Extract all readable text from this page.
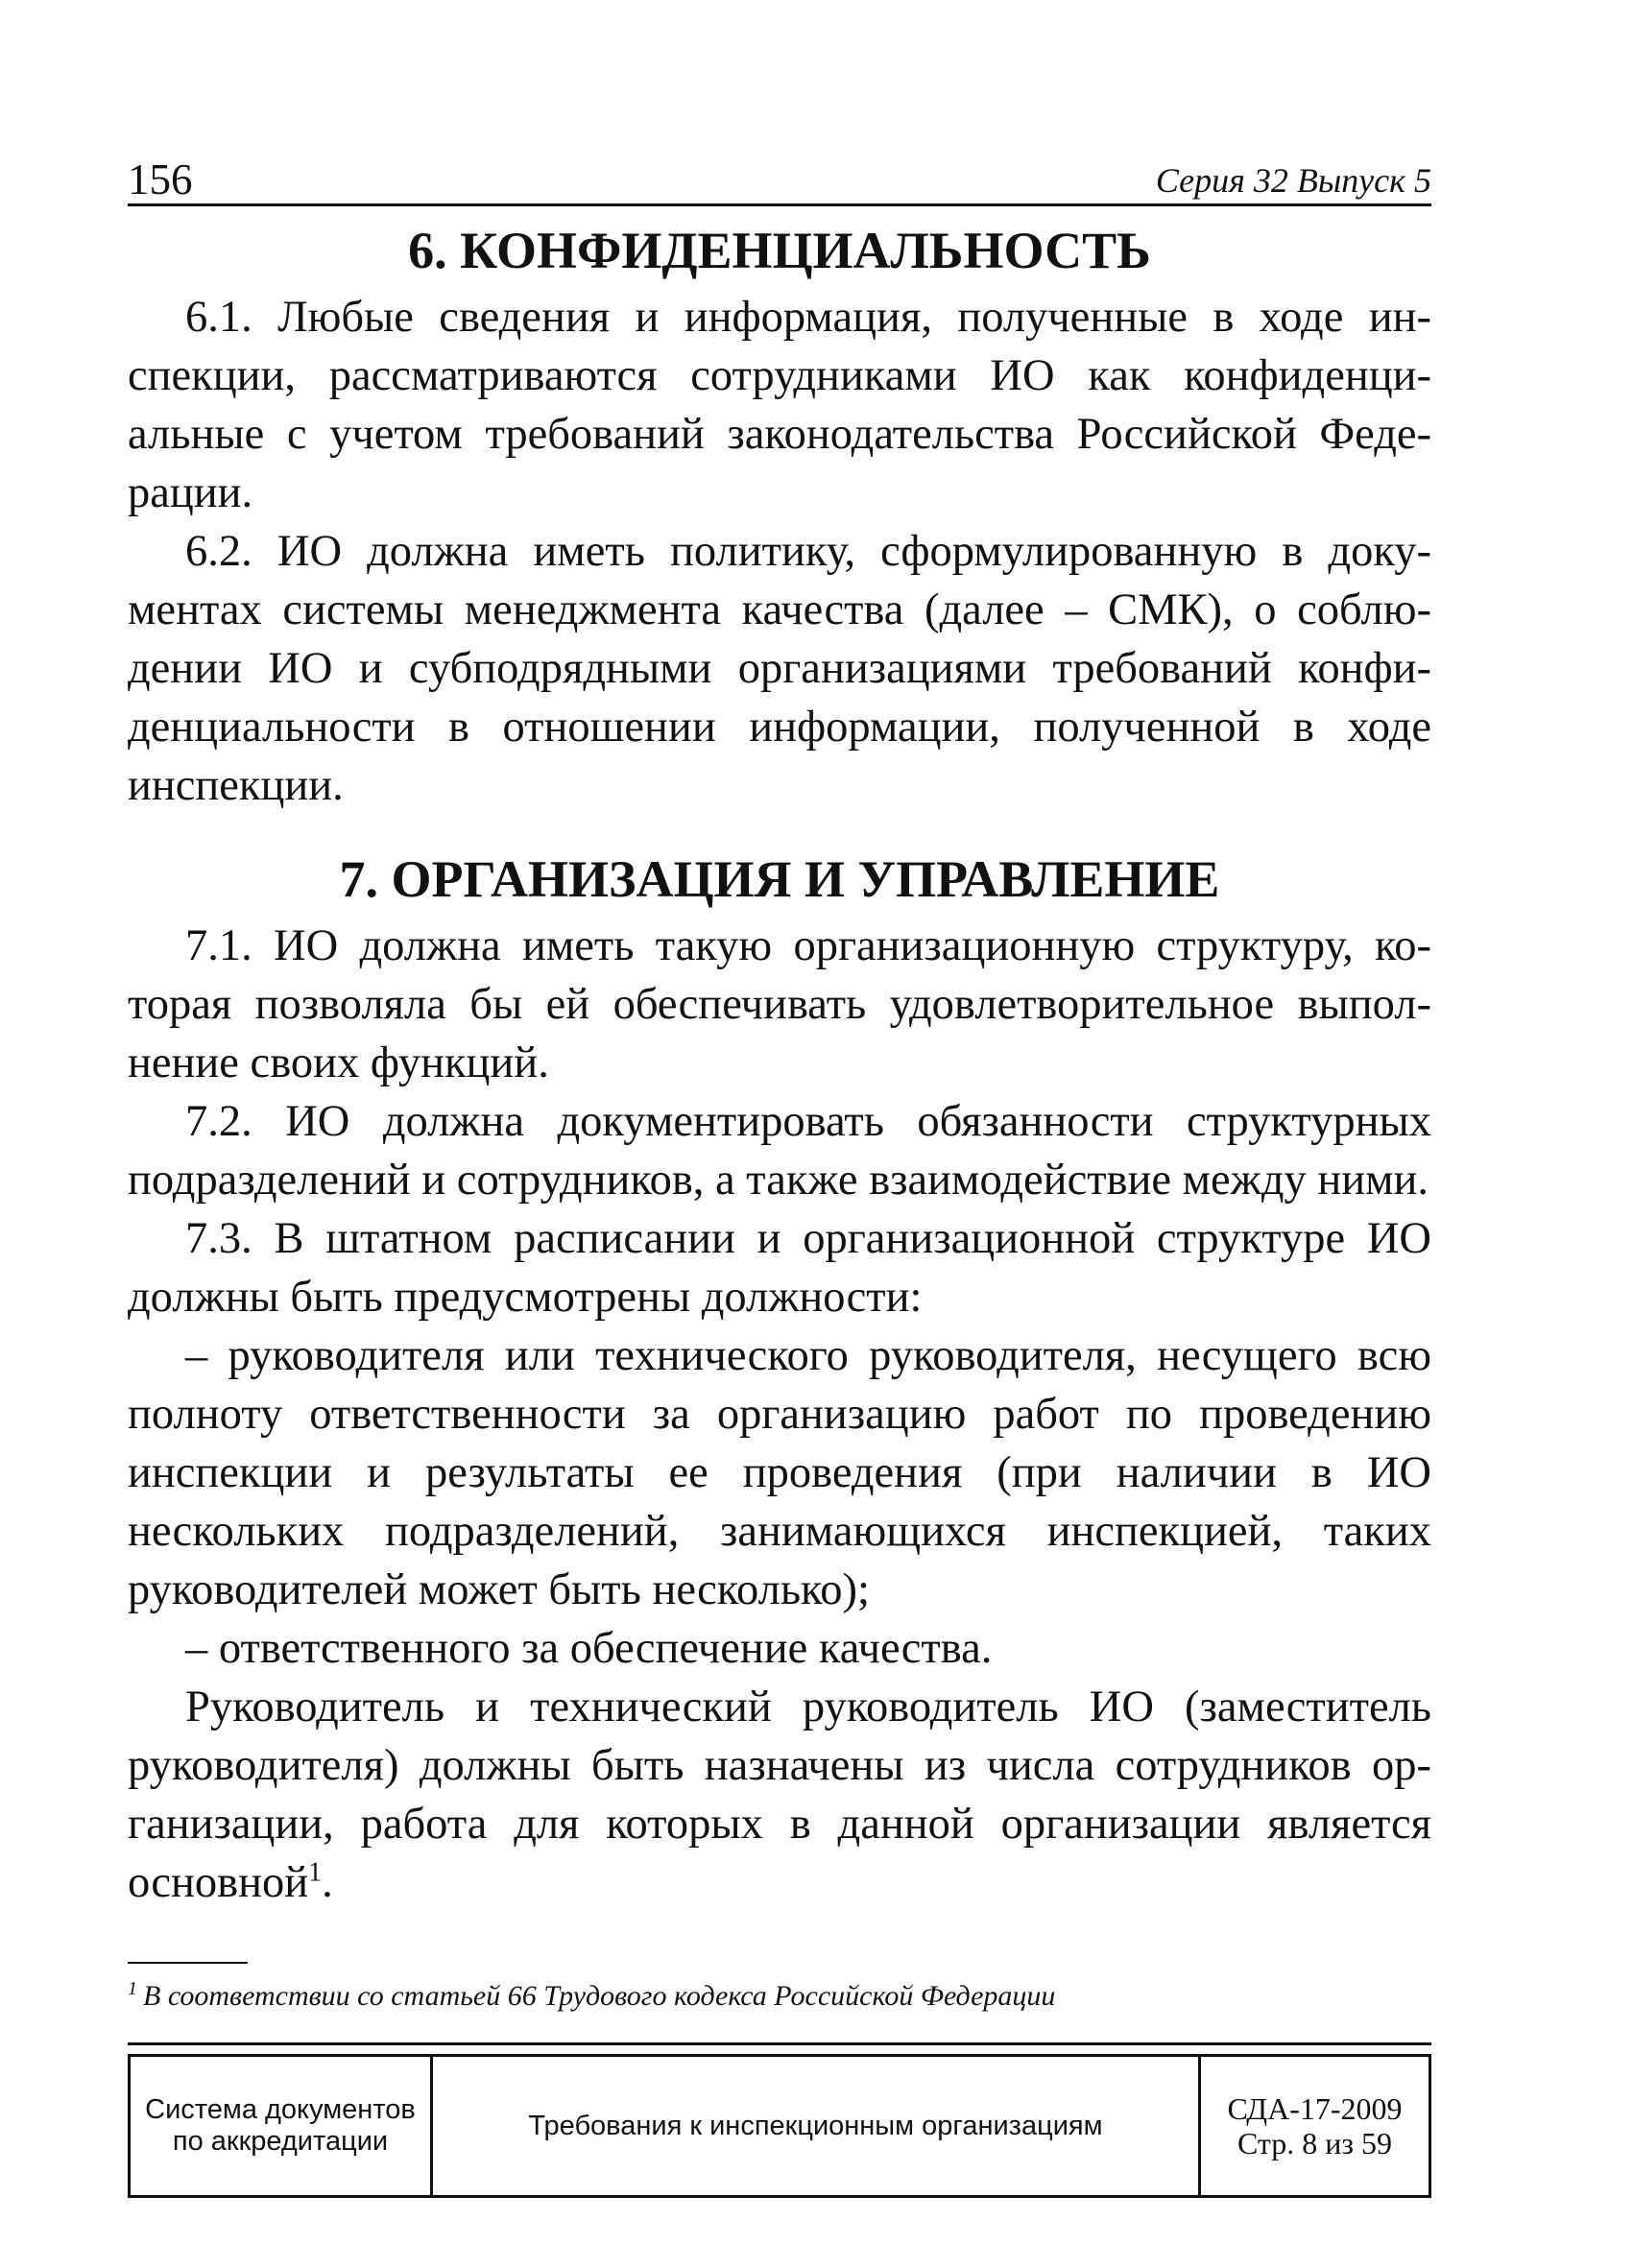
156	Серия 32 Выпуск 5
6. КОНФИДЕНЦИАЛЬНОСТЬ

6.1. Любые сведения и информация, полученные в ходе инспекции, рассматриваются сотрудниками ИО как конфиденциальные с учетом требований законодательства Российской Федерации.

6.2. ИО должна иметь политику, сформулированную в документах системы менеджмента качества (далее – СМК), о соблюдении ИО и субподрядными организациями требований конфиденциальности в отношении информации, полученной в ходе инспекции.

7. ОРГАНИЗАЦИЯ И УПРАВЛЕНИЕ

7.1. ИО должна иметь такую организационную структуру, которая позволяла бы ей обеспечивать удовлетворительное выполнение своих функций.

7.2. ИО должна документировать обязанности структурных подразделений и сотрудников, а также взаимодействие между ними.

7.3. В штатном расписании и организационной структуре ИО должны быть предусмотрены должности:

– руководителя или технического руководителя, несущего всю полноту ответственности за организацию работ по проведению инспекции и результаты ее проведения (при наличии в ИО нескольких подразделений, занимающихся инспекцией, таких руководителей может быть несколько);

– ответственного за обеспечение качества.

Руководитель и технический руководитель ИО (заместитель руководителя) должны быть назначены из числа сотрудников организации, работа для которых в данной организации является основной$^1$.

$^1$ В соответствии со статьей 66 Трудового кодекса Российской Федерации
Система документов
по аккредитации
Требования к инспекционным организациям	СДА-17-2009
Стр. 8 из 59
